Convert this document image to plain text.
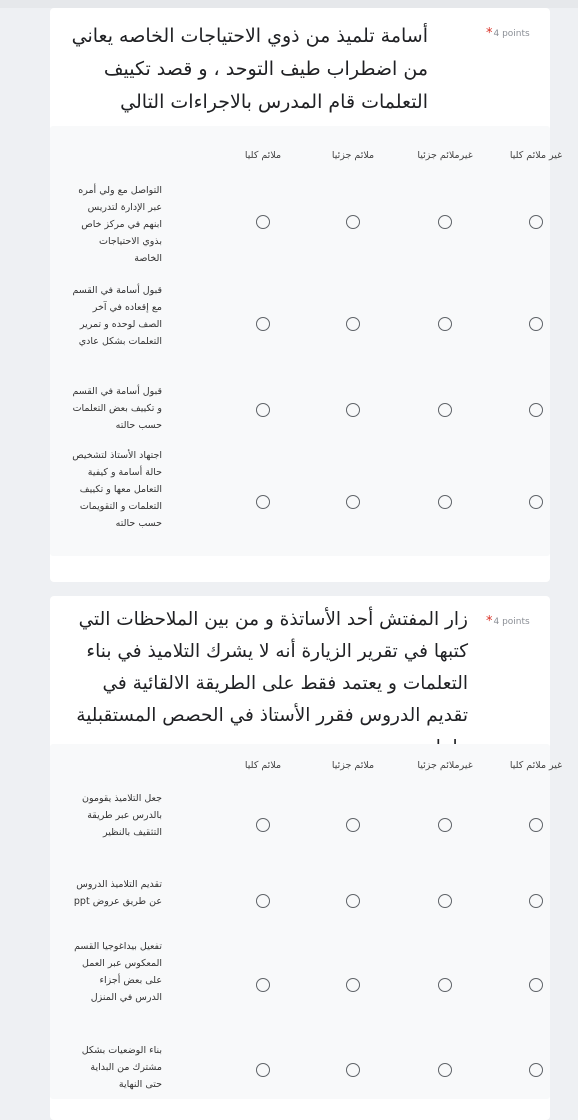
*4 points
أسامة تلميذ من ذوي الاحتياجات الخاصه يعاني من اضطراب طيف التوحد ، و قصد تكييف التعلمات قام المدرس بالاجراءات التالي
ملائم كليا	ملائم جزئيا	غيرملائم جزئيا	غير ملائم كليا
التواصل مع ولي أمره عبر الإدارة لتدريس ابنهم في مركز خاص بذوي الاحتياجات الخاصة
قبول أسامة في القسم مع إقعاده في آخر الصف لوحده و تمرير التعلمات بشكل عادي
قبول أسامة في القسم و تكييف بعض التعلمات حسب حالته
اجتهاد الأستاذ لتشخيص حالة أسامة و كيفية التعامل معها و تكييف التعلمات و التقويمات حسب حالته
*4 points
زار المفتش أحد الأساتذة و من بين الملاحظات التي كتبها في تقرير الزيارة أنه لا يشرك التلاميذ في بناء التعلمات و يعتمد فقط على الطريقة الالقائية في تقديم الدروس فقرر الأستاذ في الحصص المستقبلية
ملائم كليا	ملائم جزئيا	غيرملائم جزئيا	غير ملائم كليا
جعل التلاميذ يقومون بالدرس عبر طريقة التثقيف بالنظير
تقديم التلاميذ الدروس عن طريق عروض ppt
تفعيل بيداغوجيا القسم المعكوس عبر العمل على بعض أجزاء الدرس في المنزل
بناء الوضعيات بشكل مشترك من البداية حتى النهاية
